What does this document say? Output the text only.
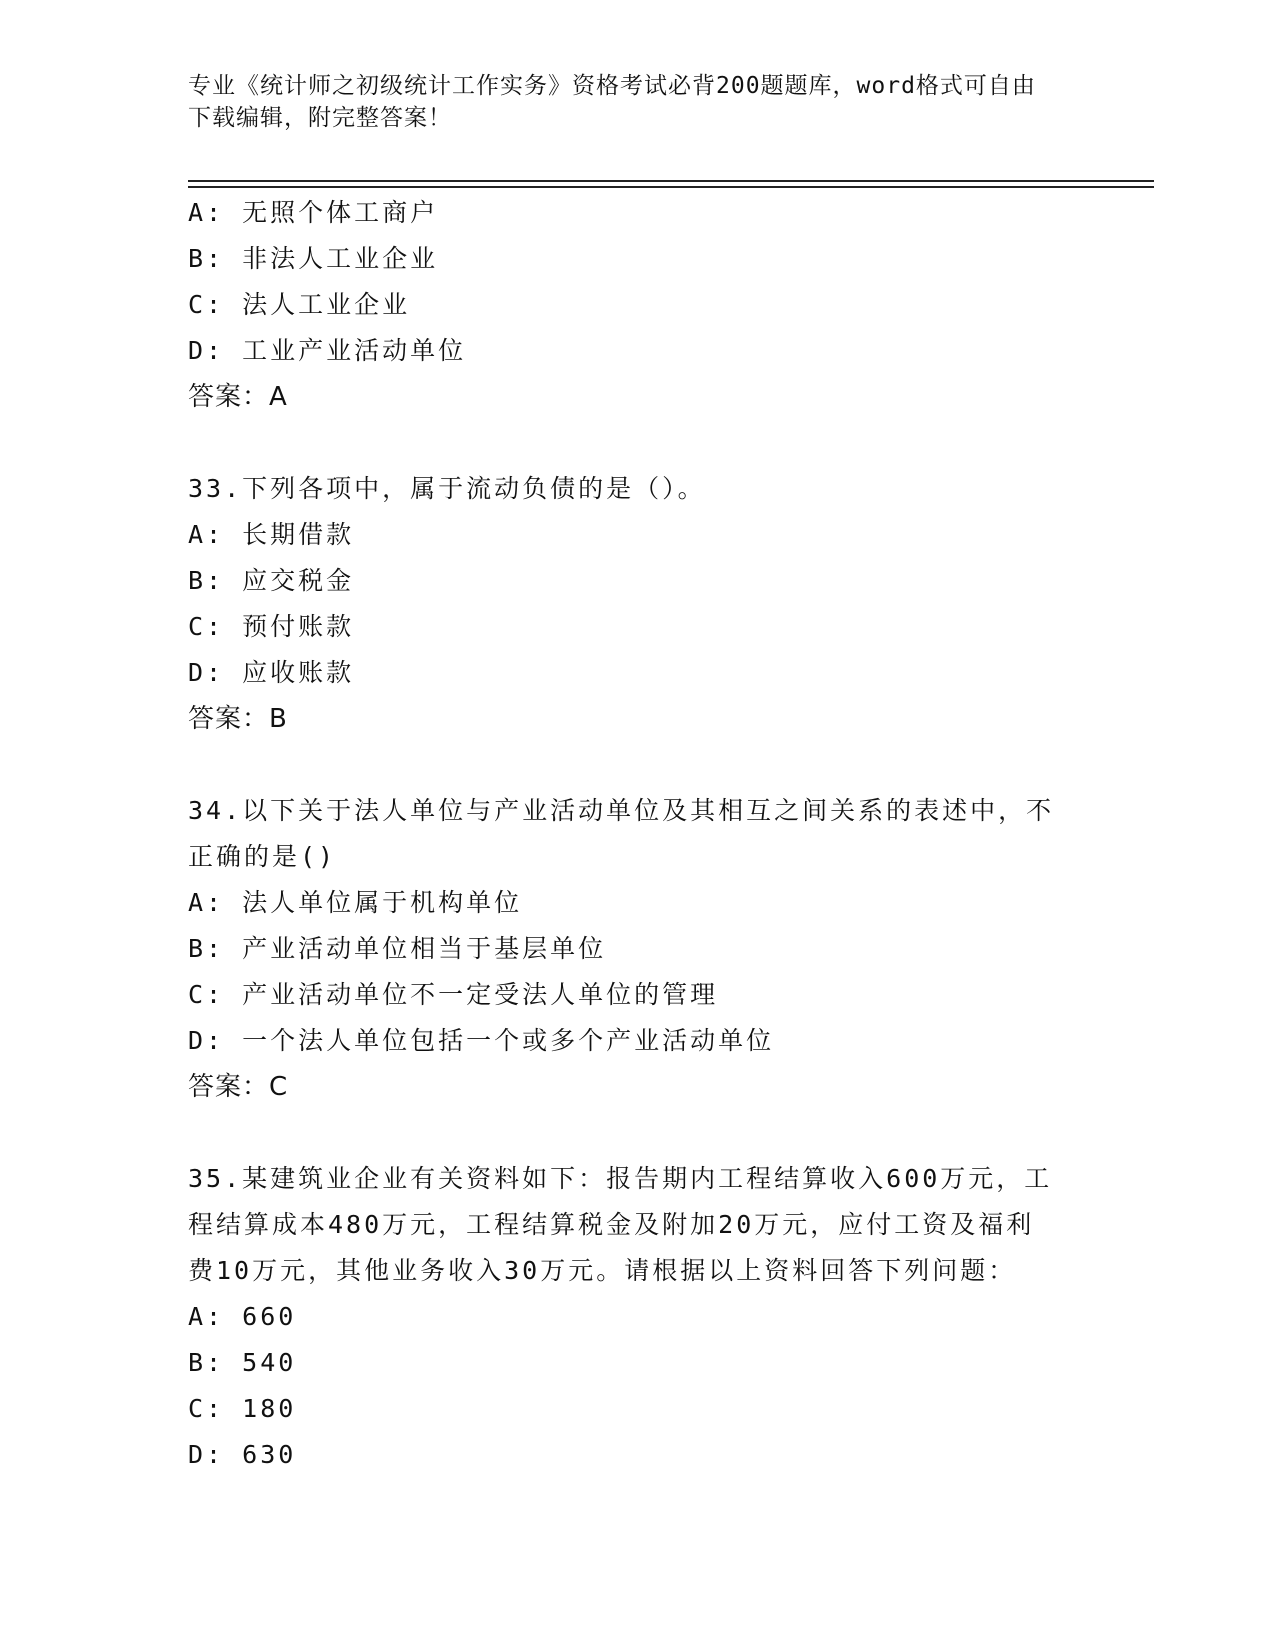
专业《统计师之初级统计工作实务》资格考试必背200题题库，word格式可自由
下载编辑，附完整答案！
A: 无照个体工商户
B: 非法人工业企业
C: 法人工业企业
D: 工业产业活动单位
答案：A
33.下列各项中，属于流动负债的是（）。
A: 长期借款
B: 应交税金
C: 预付账款
D: 应收账款
答案：B
34.以下关于法人单位与产业活动单位及其相互之间关系的表述中，不
正确的是()
A: 法人单位属于机构单位
B: 产业活动单位相当于基层单位
C: 产业活动单位不一定受法人单位的管理
D: 一个法人单位包括一个或多个产业活动单位
答案：C
35.某建筑业企业有关资料如下：报告期内工程结算收入600万元，工
程结算成本480万元，工程结算税金及附加20万元，应付工资及福利
费10万元，其他业务收入30万元。请根据以上资料回答下列问题：
A: 660
B: 540
C: 180
D: 630
